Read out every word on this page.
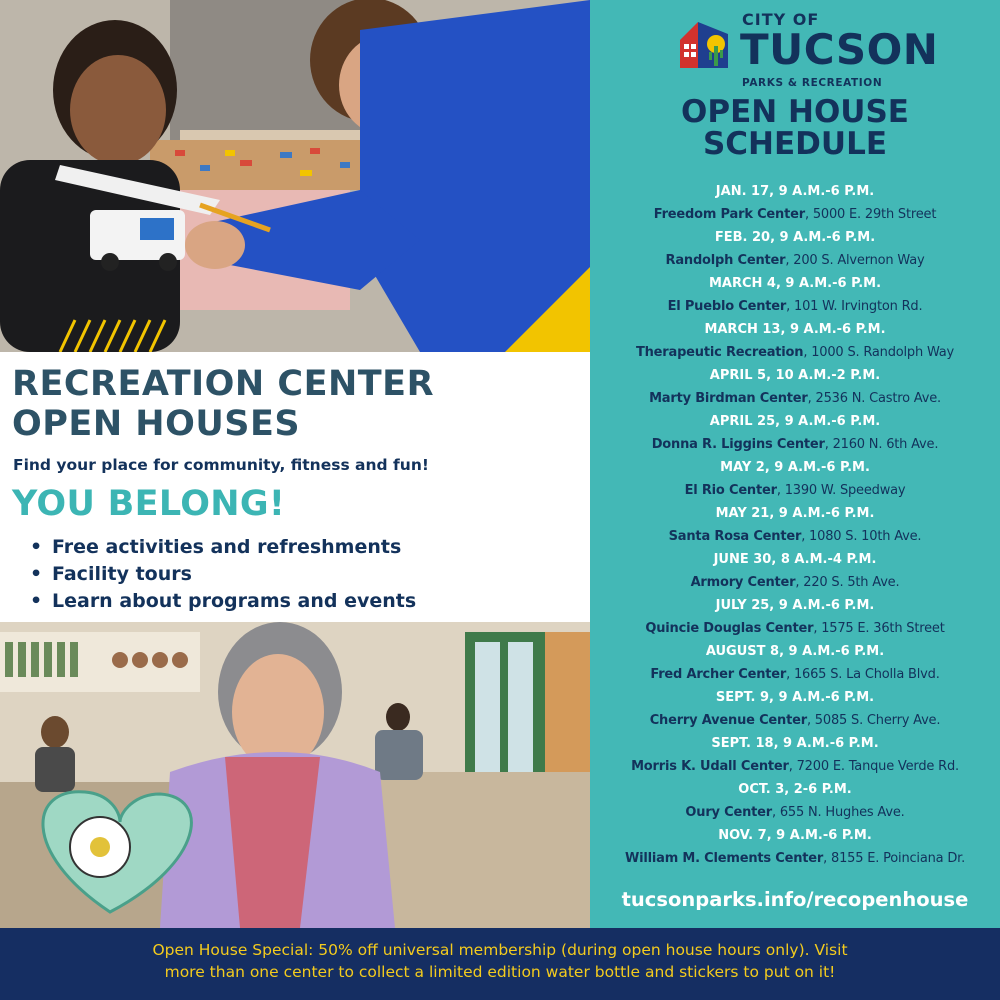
RECREATION CENTER
OPEN HOUSES
Find your place for community, fitness and fun!
YOU BELONG!
• Free activities and refreshments
• Facility tours
• Learn about programs and events
CITY OF
TUCSON
PARKS & RECREATION
OPEN HOUSE
SCHEDULE
JAN. 17, 9 A.M.-6 P.M.
Freedom Park Center, 5000 E. 29th Street
FEB. 20, 9 A.M.-6 P.M.
Randolph Center, 200 S. Alvernon Way
MARCH 4, 9 A.M.-6 P.M.
El Pueblo Center, 101 W. Irvington Rd.
MARCH 13, 9 A.M.-6 P.M.
Therapeutic Recreation, 1000 S. Randolph Way
APRIL 5, 10 A.M.-2 P.M.
Marty Birdman Center, 2536 N. Castro Ave.
APRIL 25, 9 A.M.-6 P.M.
Donna R. Liggins Center, 2160 N. 6th Ave.
MAY 2, 9 A.M.-6 P.M.
El Rio Center, 1390 W. Speedway
MAY 21, 9 A.M.-6 P.M.
Santa Rosa Center, 1080 S. 10th Ave.
JUNE 30, 8 A.M.-4 P.M.
Armory Center, 220 S. 5th Ave.
JULY 25, 9 A.M.-6 P.M.
Quincie Douglas Center, 1575 E. 36th Street
AUGUST 8, 9 A.M.-6 P.M.
Fred Archer Center, 1665 S. La Cholla Blvd.
SEPT. 9, 9 A.M.-6 P.M.
Cherry Avenue Center, 5085 S. Cherry Ave.
SEPT. 18, 9 A.M.-6 P.M.
Morris K. Udall Center, 7200 E. Tanque Verde Rd.
OCT. 3, 2-6 P.M.
Oury Center, 655 N. Hughes Ave.
NOV. 7, 9 A.M.-6 P.M.
William M. Clements Center, 8155 E. Poinciana Dr.
tucsonparks.info/recopenhouse

Open House Special: 50% off universal membership (during open house hours only). Visit
more than one center to collect a limited edition water bottle and stickers to put on it!
